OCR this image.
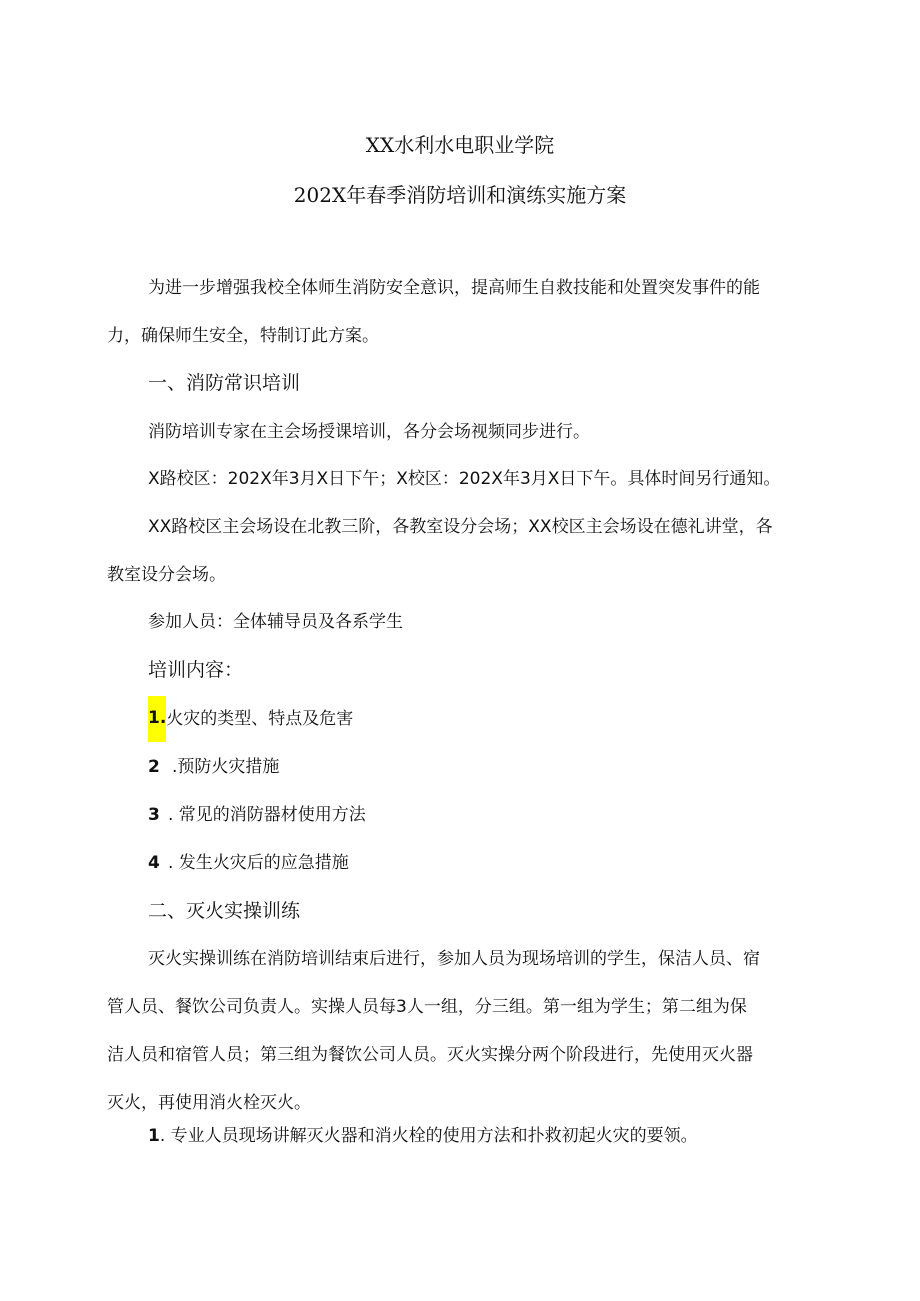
XX水利水电职业学院
202X年春季消防培训和演练实施方案
为进一步增强我校全体师生消防安全意识，提高师生自救技能和处置突发事件的能
力，确保师生安全，特制订此方案。
一、消防常识培训
消防培训专家在主会场授课培训，各分会场视频同步进行。
X路校区：202X年3月X日下午；X校区：202X年3月X日下午。具体时间另行通知。
XX路校区主会场设在北教三阶，各教室设分会场；XX校区主会场设在德礼讲堂，各
教室设分会场。
参加人员：全体辅导员及各系学生
培训内容：
1.火灾的类型、特点及危害
2 .预防火灾措施
3 . 常见的消防器材使用方法
4 . 发生火灾后的应急措施
二、灭火实操训练
灭火实操训练在消防培训结束后进行，参加人员为现场培训的学生，保洁人员、宿
管人员、餐饮公司负责人。实操人员每3人一组，分三组。第一组为学生；第二组为保
洁人员和宿管人员；第三组为餐饮公司人员。灭火实操分两个阶段进行，先使用灭火器
灭火，再使用消火栓灭火。
1. 专业人员现场讲解灭火器和消火栓的使用方法和扑救初起火灾的要领。
